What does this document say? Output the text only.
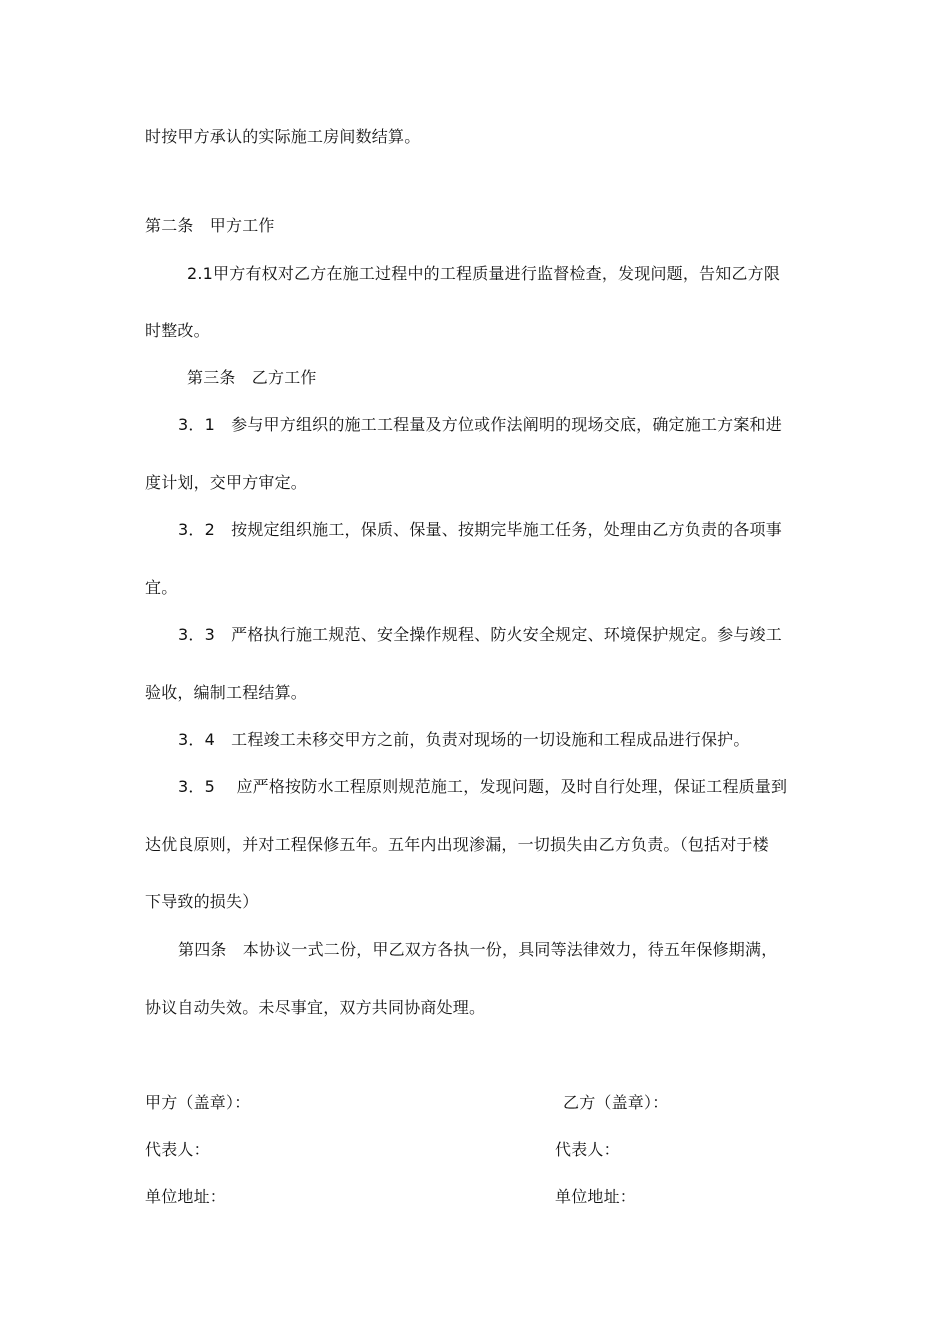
时按甲方承认的实际施工房间数结算。
第二条　甲方工作
2.1甲方有权对乙方在施工过程中的工程质量进行监督检查，发现问题，告知乙方限
时整改。
第三条　乙方工作
3．1　参与甲方组织的施工工程量及方位或作法阐明的现场交底，确定施工方案和进
度计划，交甲方审定。
3．2　按规定组织施工，保质、保量、按期完毕施工任务，处理由乙方负责的各项事
宜。
3．3　严格执行施工规范、安全操作规程、防火安全规定、环境保护规定。参与竣工
验收，编制工程结算。
3．4　工程竣工未移交甲方之前，负责对现场的一切设施和工程成品进行保护。
3．5　 应严格按防水工程原则规范施工，发现问题，及时自行处理，保证工程质量到
达优良原则，并对工程保修五年。五年内出现渗漏，一切损失由乙方负责。（包括对于楼
下导致的损失）
第四条　本协议一式二份，甲乙双方各执一份，具同等法律效力，待五年保修期满，
协议自动失效。未尽事宜，双方共同协商处理。
甲方（盖章）：	乙方（盖章）：
代表人：	代表人：
单位地址：	单位地址：
